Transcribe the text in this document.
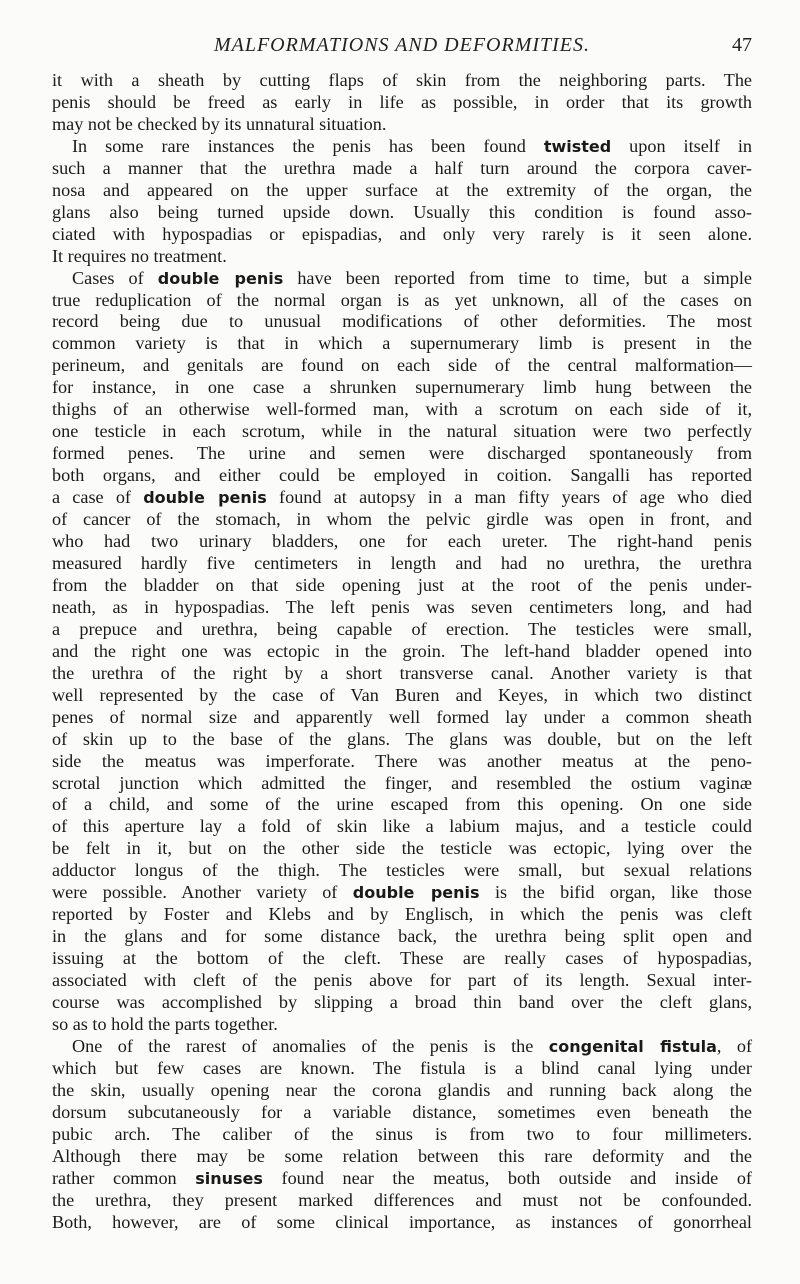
MALFORMATIONS AND DEFORMITIES.	47
it with a sheath by cutting flaps of skin from the neighboring parts. The
penis should be freed as early in life as possible, in order that its growth
may not be checked by its unnatural situation.
In some rare instances the penis has been found twisted upon itself in
such a manner that the urethra made a half turn around the corpora caver-
nosa and appeared on the upper surface at the extremity of the organ, the
glans also being turned upside down. Usually this condition is found asso-
ciated with hypospadias or epispadias, and only very rarely is it seen alone.
It requires no treatment.
Cases of double penis have been reported from time to time, but a simple
true reduplication of the normal organ is as yet unknown, all of the cases on
record being due to unusual modifications of other deformities. The most
common variety is that in which a supernumerary limb is present in the
perineum, and genitals are found on each side of the central malformation—
for instance, in one case a shrunken supernumerary limb hung between the
thighs of an otherwise well-formed man, with a scrotum on each side of it,
one testicle in each scrotum, while in the natural situation were two perfectly
formed penes. The urine and semen were discharged spontaneously from
both organs, and either could be employed in coition. Sangalli has reported
a case of double penis found at autopsy in a man fifty years of age who died
of cancer of the stomach, in whom the pelvic girdle was open in front, and
who had two urinary bladders, one for each ureter. The right-hand penis
measured hardly five centimeters in length and had no urethra, the urethra
from the bladder on that side opening just at the root of the penis under-
neath, as in hypospadias. The left penis was seven centimeters long, and had
a prepuce and urethra, being capable of erection. The testicles were small,
and the right one was ectopic in the groin. The left-hand bladder opened into
the urethra of the right by a short transverse canal. Another variety is that
well represented by the case of Van Buren and Keyes, in which two distinct
penes of normal size and apparently well formed lay under a common sheath
of skin up to the base of the glans. The glans was double, but on the left
side the meatus was imperforate. There was another meatus at the peno-
scrotal junction which admitted the finger, and resembled the ostium vaginæ
of a child, and some of the urine escaped from this opening. On one side
of this aperture lay a fold of skin like a labium majus, and a testicle could
be felt in it, but on the other side the testicle was ectopic, lying over the
adductor longus of the thigh. The testicles were small, but sexual relations
were possible. Another variety of double penis is the bifid organ, like those
reported by Foster and Klebs and by Englisch, in which the penis was cleft
in the glans and for some distance back, the urethra being split open and
issuing at the bottom of the cleft. These are really cases of hypospadias,
associated with cleft of the penis above for part of its length. Sexual inter-
course was accomplished by slipping a broad thin band over the cleft glans,
so as to hold the parts together.
One of the rarest of anomalies of the penis is the congenital fistula, of
which but few cases are known. The fistula is a blind canal lying under
the skin, usually opening near the corona glandis and running back along the
dorsum subcutaneously for a variable distance, sometimes even beneath the
pubic arch. The caliber of the sinus is from two to four millimeters.
Although there may be some relation between this rare deformity and the
rather common sinuses found near the meatus, both outside and inside of
the urethra, they present marked differences and must not be confounded.
Both, however, are of some clinical importance, as instances of gonorrheal
